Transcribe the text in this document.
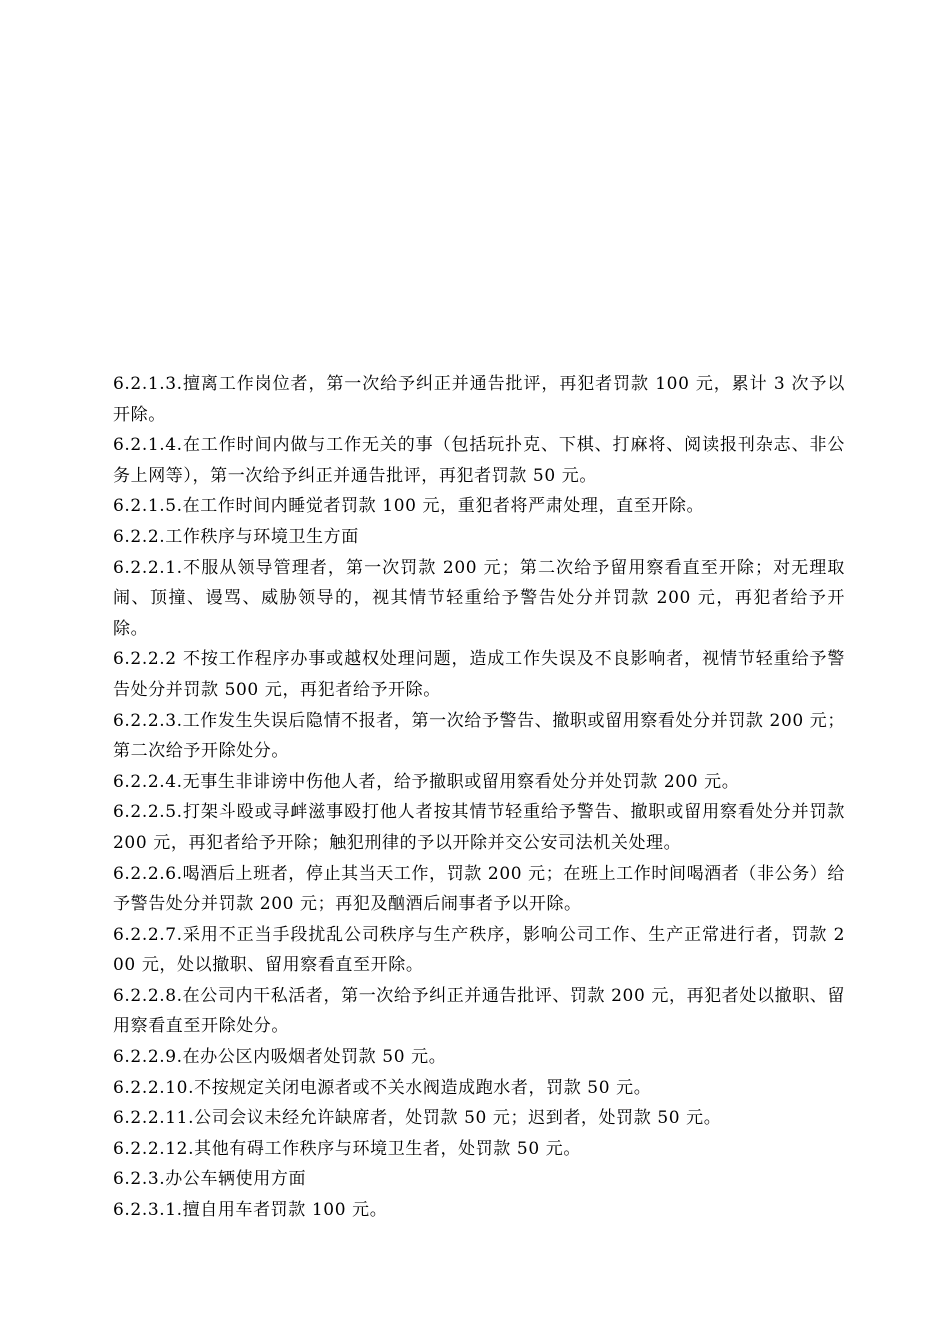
6.2.1.3.擅离工作岗位者，第一次给予纠正并通告批评，再犯者罚款 100 元，累计 3 次予以开除。

6.2.1.4.在工作时间内做与工作无关的事（包括玩扑克、下棋、打麻将、阅读报刊杂志、非公务上网等），第一次给予纠正并通告批评，再犯者罚款 50 元。

6.2.1.5.在工作时间内睡觉者罚款 100 元，重犯者将严肃处理，直至开除。

6.2.2.工作秩序与环境卫生方面

6.2.2.1.不服从领导管理者，第一次罚款 200 元；第二次给予留用察看直至开除；对无理取闹、顶撞、谩骂、威胁领导的，视其情节轻重给予警告处分并罚款 200 元，再犯者给予开除。

6.2.2.2 不按工作程序办事或越权处理问题，造成工作失误及不良影响者，视情节轻重给予警告处分并罚款 500 元，再犯者给予开除。

6.2.2.3.工作发生失误后隐情不报者，第一次给予警告、撤职或留用察看处分并罚款 200 元；第二次给予开除处分。

6.2.2.4.无事生非诽谤中伤他人者，给予撤职或留用察看处分并处罚款 200 元。

6.2.2.5.打架斗殴或寻衅滋事殴打他人者按其情节轻重给予警告、撤职或留用察看处分并罚款 200 元，再犯者给予开除；触犯刑律的予以开除并交公安司法机关处理。

6.2.2.6.喝酒后上班者，停止其当天工作，罚款 200 元；在班上工作时间喝酒者（非公务）给予警告处分并罚款 200 元；再犯及酗酒后闹事者予以开除。

6.2.2.7.采用不正当手段扰乱公司秩序与生产秩序，影响公司工作、生产正常进行者，罚款 200 元，处以撤职、留用察看直至开除。

6.2.2.8.在公司内干私活者，第一次给予纠正并通告批评、罚款 200 元，再犯者处以撤职、留用察看直至开除处分。

6.2.2.9.在办公区内吸烟者处罚款 50 元。

6.2.2.10.不按规定关闭电源者或不关水阀造成跑水者，罚款 50 元。

6.2.2.11.公司会议未经允许缺席者，处罚款 50 元；迟到者，处罚款 50 元。

6.2.2.12.其他有碍工作秩序与环境卫生者，处罚款 50 元。

6.2.3.办公车辆使用方面

6.2.3.1.擅自用车者罚款 100 元。
